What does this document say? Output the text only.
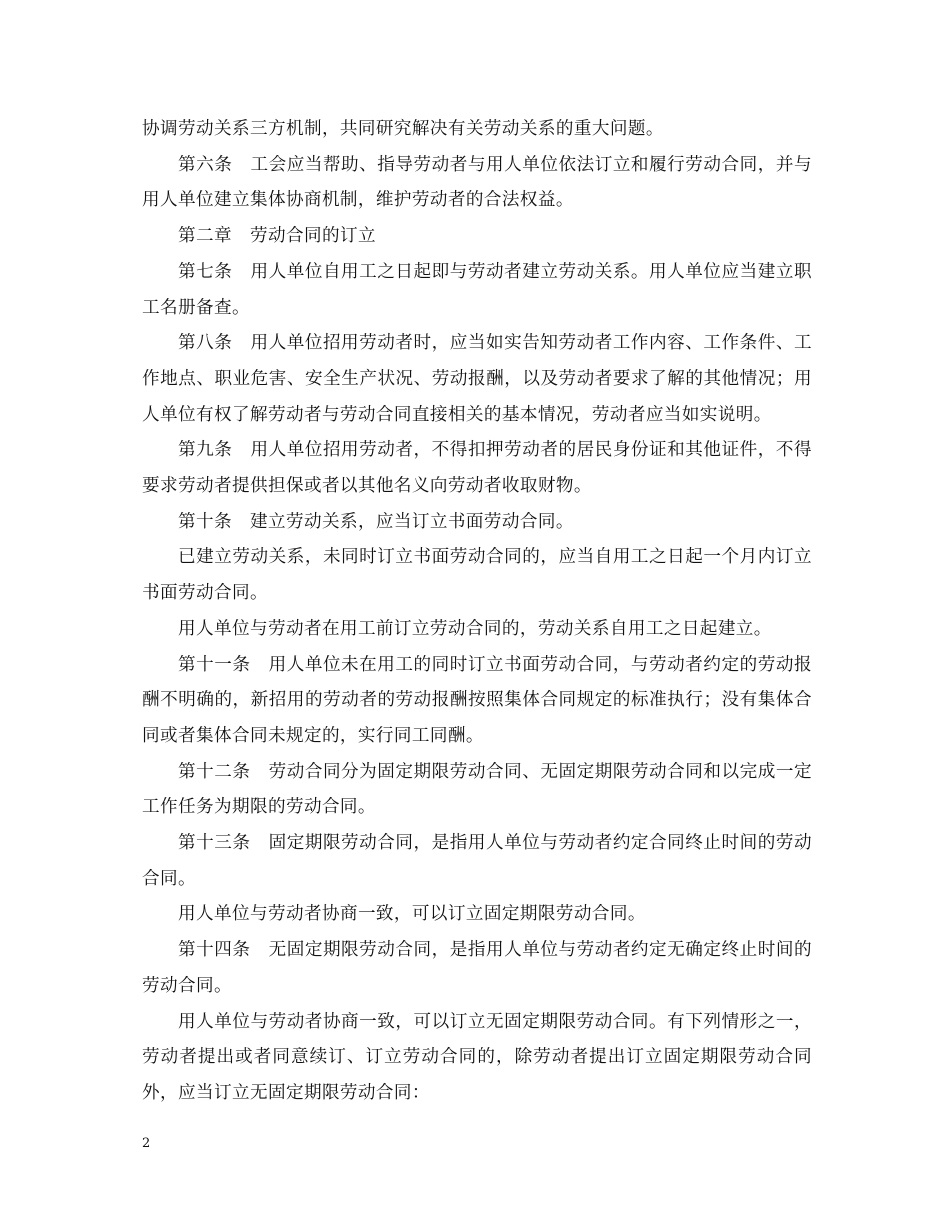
协调劳动关系三方机制，共同研究解决有关劳动关系的重大问题。

第六条　工会应当帮助、指导劳动者与用人单位依法订立和履行劳动合同，并与用人单位建立集体协商机制，维护劳动者的合法权益。

第二章　劳动合同的订立

第七条　用人单位自用工之日起即与劳动者建立劳动关系。用人单位应当建立职工名册备查。

第八条　用人单位招用劳动者时，应当如实告知劳动者工作内容、工作条件、工作地点、职业危害、安全生产状况、劳动报酬，以及劳动者要求了解的其他情况；用人单位有权了解劳动者与劳动合同直接相关的基本情况，劳动者应当如实说明。

第九条　用人单位招用劳动者，不得扣押劳动者的居民身份证和其他证件，不得要求劳动者提供担保或者以其他名义向劳动者收取财物。

第十条　建立劳动关系，应当订立书面劳动合同。

已建立劳动关系，未同时订立书面劳动合同的，应当自用工之日起一个月内订立书面劳动合同。

用人单位与劳动者在用工前订立劳动合同的，劳动关系自用工之日起建立。

第十一条　用人单位未在用工的同时订立书面劳动合同，与劳动者约定的劳动报酬不明确的，新招用的劳动者的劳动报酬按照集体合同规定的标准执行；没有集体合同或者集体合同未规定的，实行同工同酬。

第十二条　劳动合同分为固定期限劳动合同、无固定期限劳动合同和以完成一定工作任务为期限的劳动合同。

第十三条　固定期限劳动合同，是指用人单位与劳动者约定合同终止时间的劳动合同。

用人单位与劳动者协商一致，可以订立固定期限劳动合同。

第十四条　无固定期限劳动合同，是指用人单位与劳动者约定无确定终止时间的劳动合同。

用人单位与劳动者协商一致，可以订立无固定期限劳动合同。有下列情形之一，劳动者提出或者同意续订、订立劳动合同的，除劳动者提出订立固定期限劳动合同外，应当订立无固定期限劳动合同：

2
